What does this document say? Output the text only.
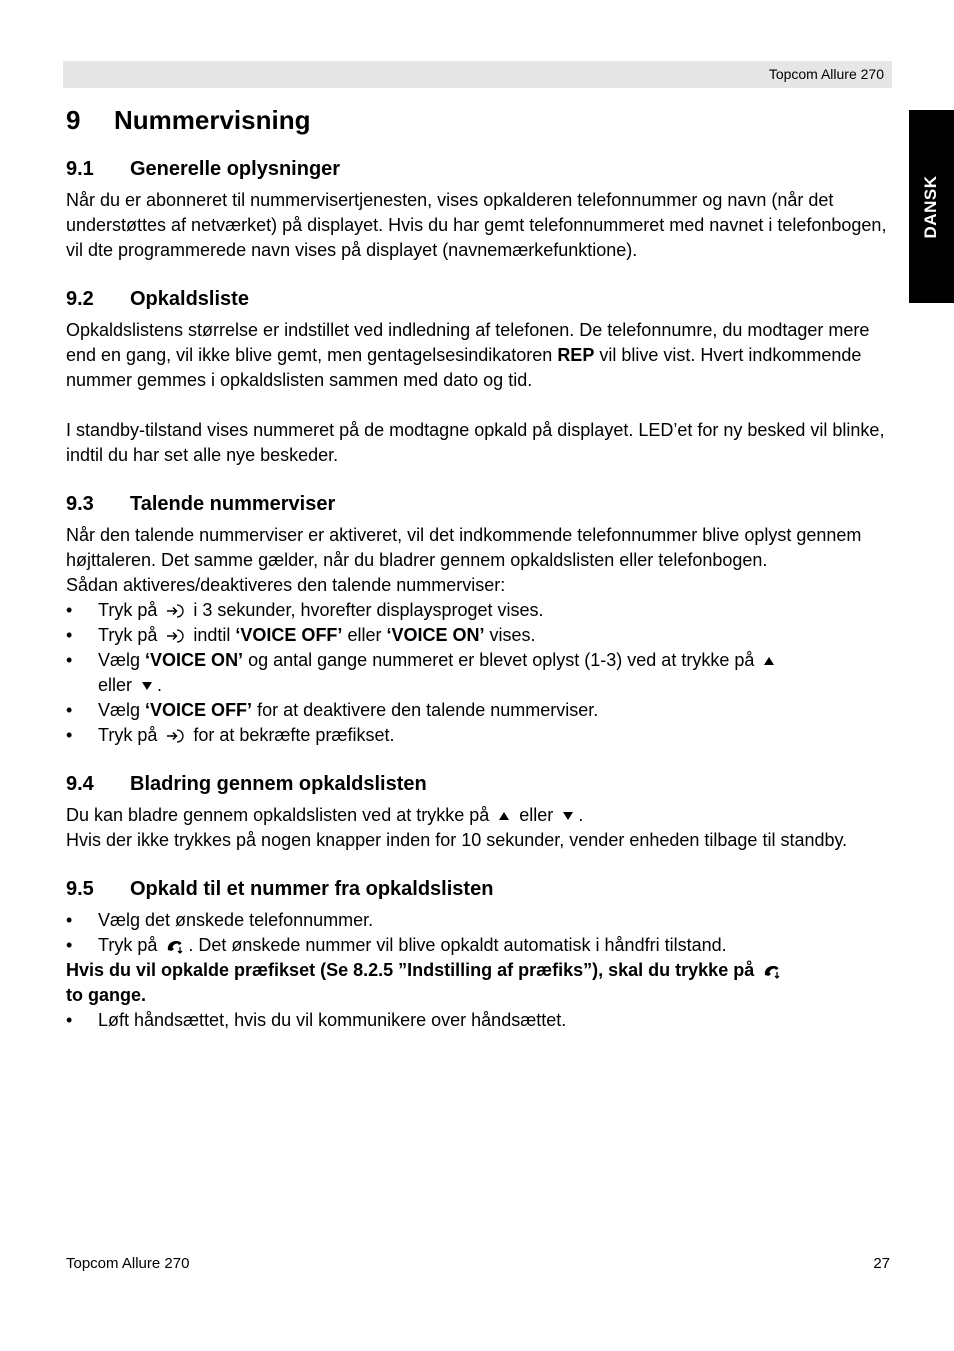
Topcom Allure 270
DANSK
9 Nummervisning
9.1 Generelle oplysninger

Når du er abonneret til nummervisertjenesten, vises opkalderen telefonnummer og navn (når det understøttes af netværket) på displayet. Hvis du har gemt telefonnummeret med navnet i telefonbogen, vil dte programmerede navn vises på displayet (navnemærkefunktione).

9.2 Opkaldsliste

Opkaldslistens størrelse er indstillet ved indledning af telefonen. De telefonnumre, du modtager mere end en gang, vil ikke blive gemt, men gentagelsesindikatoren REP vil blive vist. Hvert indkommende nummer gemmes i opkaldslisten sammen med dato og tid.

I standby-tilstand vises nummeret på de modtagne opkald på displayet. LED’et for ny besked vil blinke, indtil du har set alle nye beskeder.

9.3 Talende nummerviser

Når den talende nummerviser er aktiveret, vil det indkommende telefonnummer blive oplyst gennem højttaleren. Det samme gælder, når du bladrer gennem opkaldslisten eller telefonbogen.

Sådan aktiveres/deaktiveres den talende nummerviser:

• Tryk på i 3 sekunder, hvorefter displaysproget vises.
• Tryk på indtil ‘VOICE OFF’ eller ‘VOICE ON’ vises.
• Vælg ‘VOICE ON’ og antal gange nummeret er blevet oplyst (1-3) ved at trykke på

eller .
• Vælg ‘VOICE OFF’ for at deaktivere den talende nummerviser.
• Tryk på for at bekræfte præfikset.
9.4 Bladring gennem opkaldslisten

Du kan bladre gennem opkaldslisten ved at trykke på eller .

Hvis der ikke trykkes på nogen knapper inden for 10 sekunder, vender enheden tilbage til standby.

9.5 Opkald til et nummer fra opkaldslisten
• Vælg det ønskede telefonnummer.
• Tryk på . Det ønskede nummer vil blive opkaldt automatisk i håndfri tilstand.

Hvis du vil opkalde præfikset (Se 8.2.5 ”Indstilling af præfiks”), skal du trykke på

to gange.

• Løft håndsættet, hvis du vil kommunikere over håndsættet.
Topcom Allure 270	27
